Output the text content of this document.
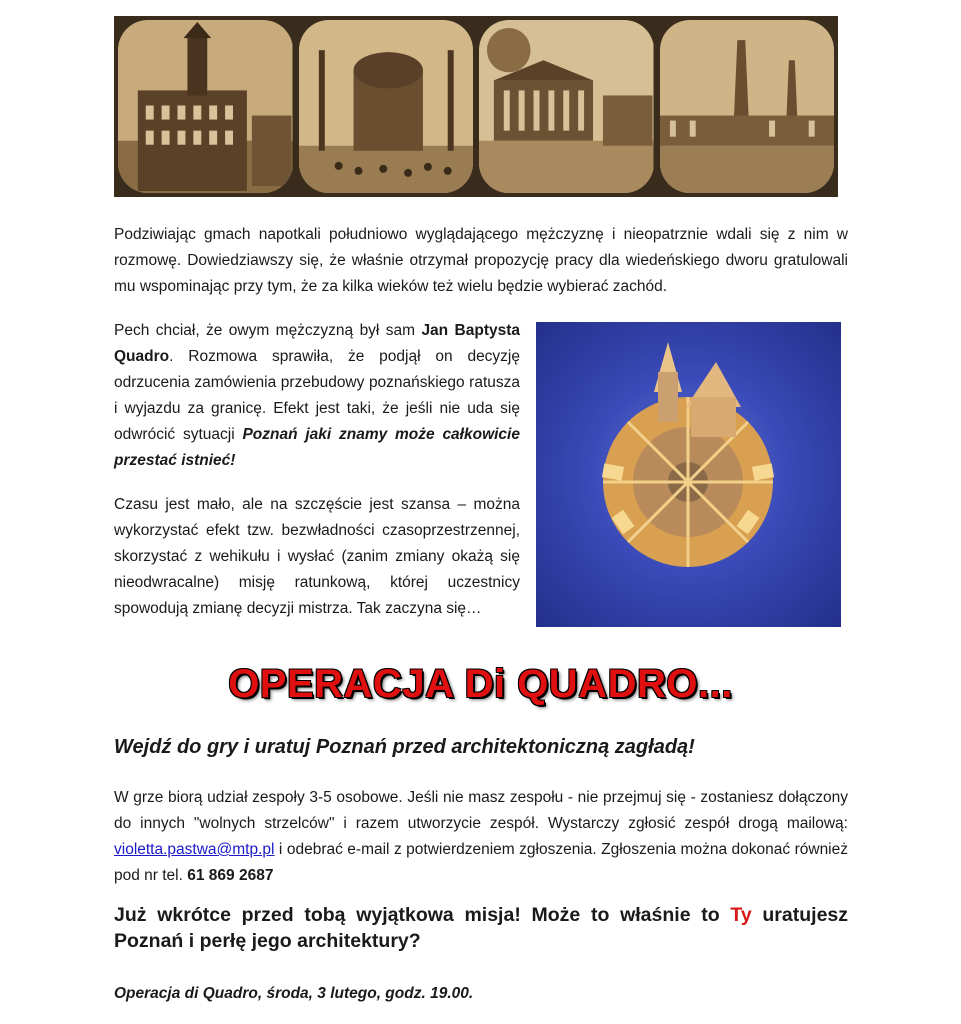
Podziwiając gmach napotkali południowo wyglądającego mężczyznę i nieopatrznie wdali się z nim w rozmowę. Dowiedziawszy się, że właśnie otrzymał propozycję pracy dla wiedeńskiego dworu gratulowali mu wspominając przy tym, że za kilka wieków też wielu będzie wybierać zachód.

Pech chciał, że owym mężczyzną był sam Jan Baptysta Quadro. Rozmowa sprawiła, że podjął on decyzję odrzucenia zamówienia przebudowy poznańskiego ratusza i wyjazdu za granicę. Efekt jest taki, że jeśli nie uda się odwrócić sytuacji Poznań jaki znamy może całkowicie przestać istnieć!

Czasu jest mało, ale na szczęście jest szansa – można wykorzystać efekt tzw. bezwładności czasoprzestrzennej, skorzystać z wehikułu i wysłać (zanim zmiany okażą się nieodwracalne) misję ratunkową, której uczestnicy spowodują zmianę decyzji mistrza. Tak zaczyna się…

OPERACJA Di QUADRO...

Wejdź do gry i uratuj Poznań przed architektoniczną zagładą!

W grze biorą udział zespoły 3-5 osobowe. Jeśli nie masz zespołu - nie przejmuj się - zostaniesz dołączony do innych "wolnych strzelców" i razem utworzycie zespół. Wystarczy zgłosić zespół drogą mailową: violetta.pastwa@mtp.pl i odebrać e-mail z potwierdzeniem zgłoszenia. Zgłoszenia można dokonać również pod nr tel. 61 869 2687

Już wkrótce przed tobą wyjątkowa misja! Może to właśnie to Ty uratujesz Poznań i perłę jego architektury?

Operacja di Quadro, środa, 3 lutego, godz. 19.00.
